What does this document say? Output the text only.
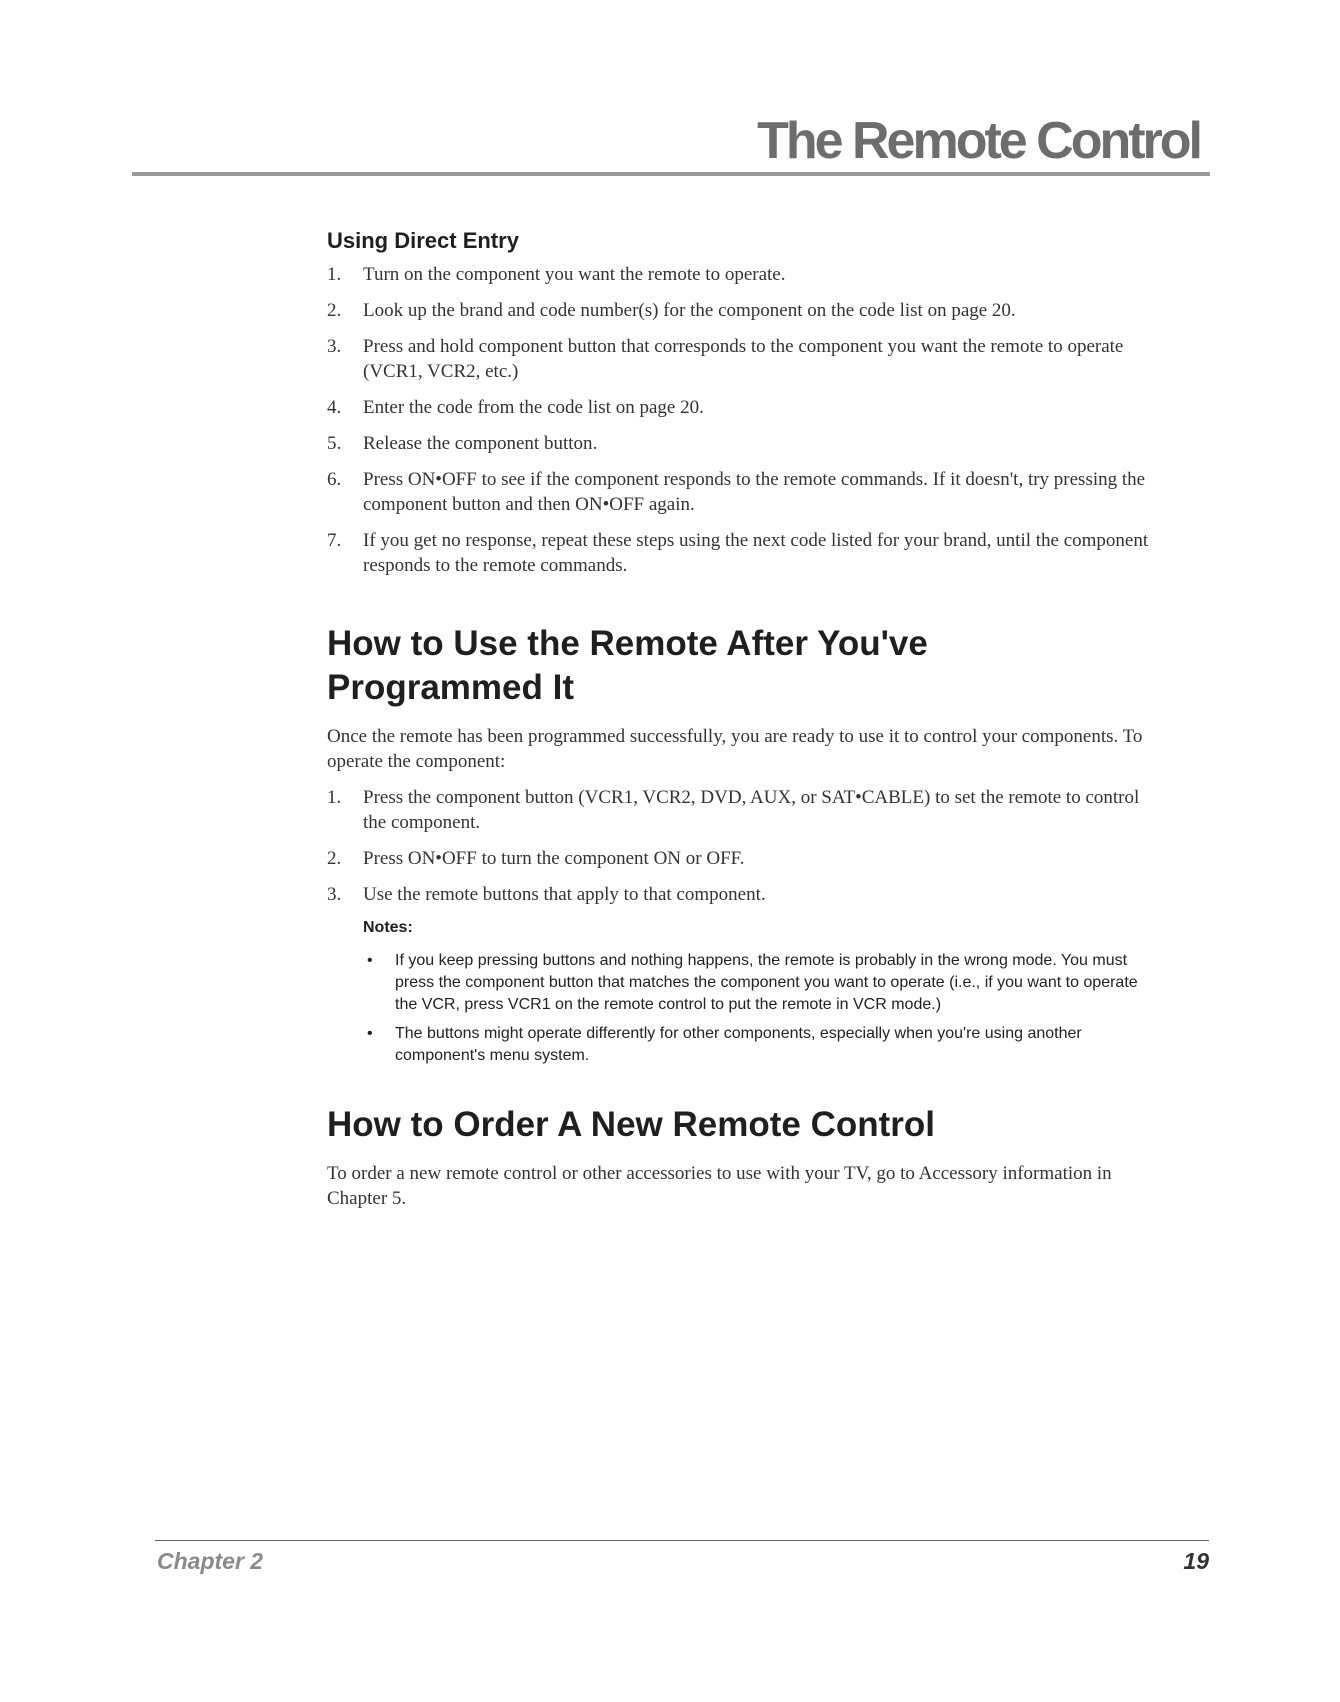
The Remote Control
Using Direct Entry
1. Turn on the component you want the remote to operate.
2. Look up the brand and code number(s) for the component on the code list on page 20.
3. Press and hold component button that corresponds to the component you want the remote to operate (VCR1, VCR2, etc.)
4. Enter the code from the code list on page 20.
5. Release the component button.
6. Press ON•OFF to see if the component responds to the remote commands. If it doesn't, try pressing the component button and then ON•OFF again.
7. If you get no response, repeat these steps using the next code listed for your brand, until the component responds to the remote commands.
How to Use the Remote After You've Programmed It

Once the remote has been programmed successfully, you are ready to use it to control your components. To operate the component:

1. Press the component button (VCR1, VCR2, DVD, AUX, or SAT•CABLE) to set the remote to control the component.
2. Press ON•OFF to turn the component ON or OFF.
3. Use the remote buttons that apply to that component.
Notes:
• If you keep pressing buttons and nothing happens, the remote is probably in the wrong mode. You must press the component button that matches the component you want to operate (i.e., if you want to operate the VCR, press VCR1 on the remote control to put the remote in VCR mode.)
• The buttons might operate differently for other components, especially when you're using another component's menu system.
How to Order A New Remote Control

To order a new remote control or other accessories to use with your TV, go to Accessory information in Chapter 5.

Chapter 2	19
